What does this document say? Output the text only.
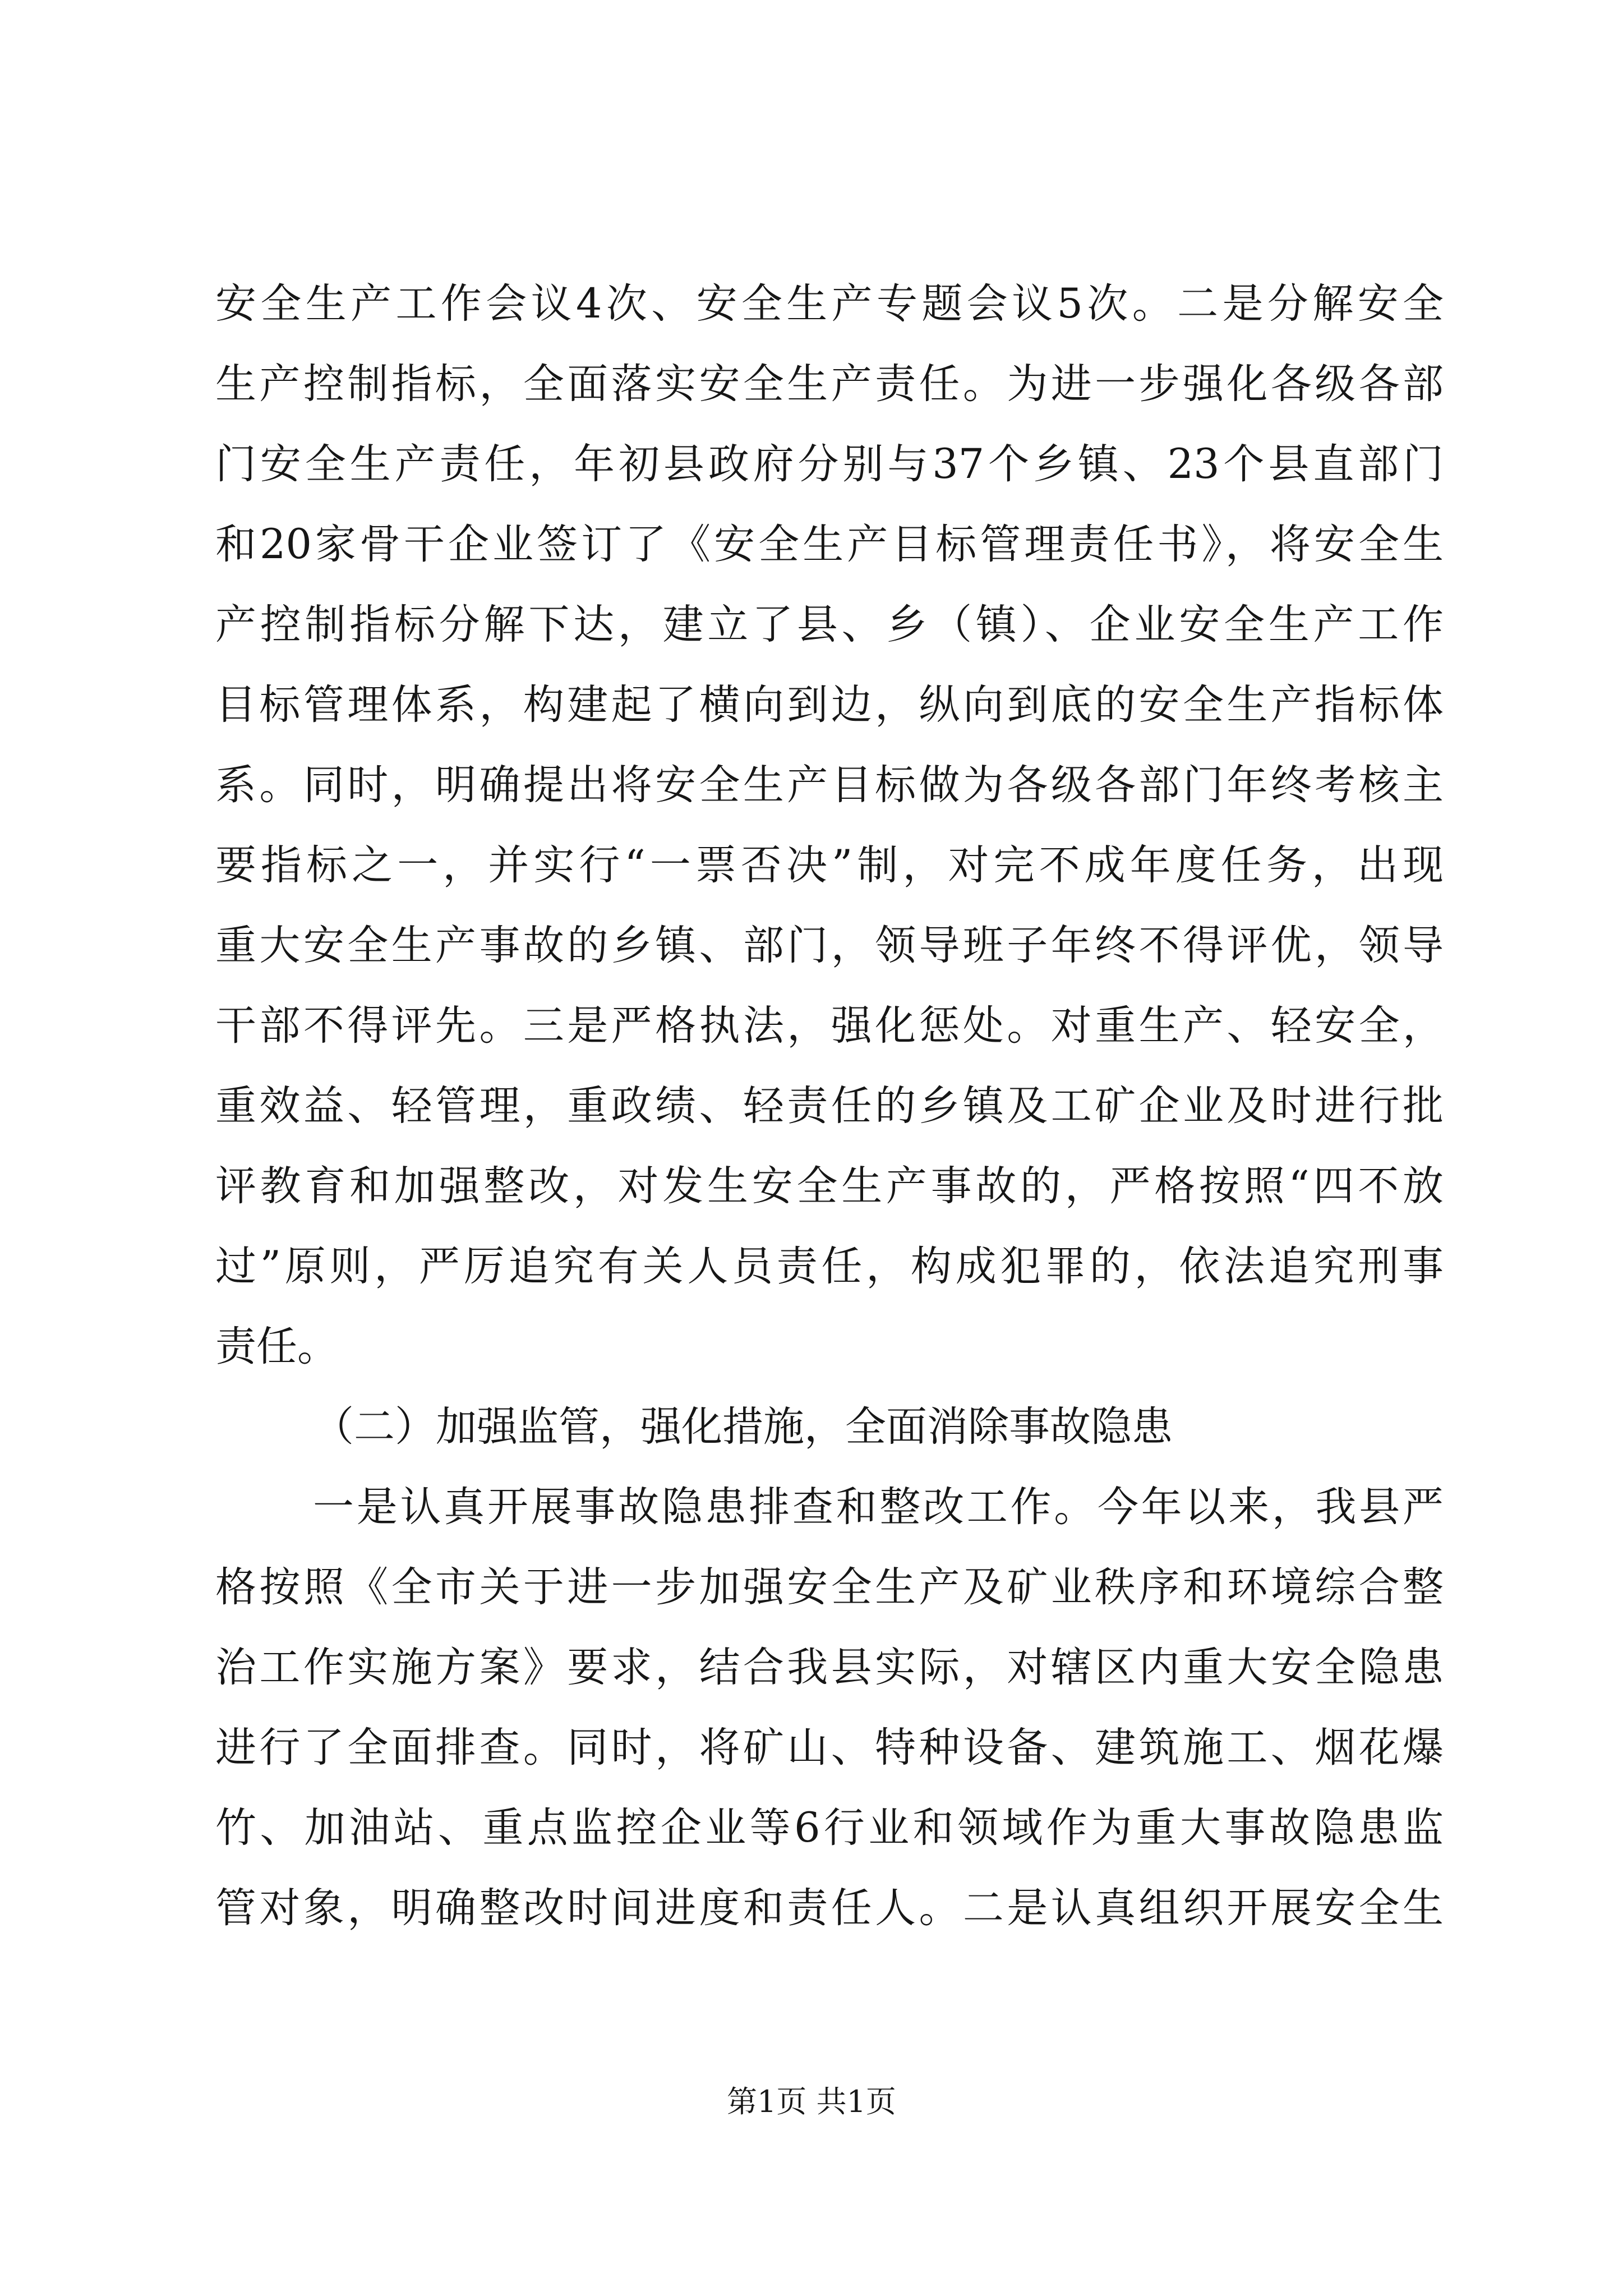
安全生产工作会议4次、安全生产专题会议5次。二是分解安全
生产控制指标，全面落实安全生产责任。为进一步强化各级各部
门安全生产责任，年初县政府分别与37个乡镇、23个县直部门
和20家骨干企业签订了《安全生产目标管理责任书》，将安全生
产控制指标分解下达，建立了县、乡（镇）、企业安全生产工作
目标管理体系，构建起了横向到边，纵向到底的安全生产指标体
系。同时，明确提出将安全生产目标做为各级各部门年终考核主
要指标之一，并实行“一票否决”制，对完不成年度任务，出现
重大安全生产事故的乡镇、部门，领导班子年终不得评优，领导
干部不得评先。三是严格执法，强化惩处。对重生产、轻安全，
重效益、轻管理，重政绩、轻责任的乡镇及工矿企业及时进行批
评教育和加强整改，对发生安全生产事故的，严格按照“四不放
过”原则，严厉追究有关人员责任，构成犯罪的，依法追究刑事
责任。
（二）加强监管，强化措施，全面消除事故隐患
一是认真开展事故隐患排查和整改工作。今年以来，我县严
格按照《全市关于进一步加强安全生产及矿业秩序和环境综合整
治工作实施方案》要求，结合我县实际，对辖区内重大安全隐患
进行了全面排查。同时，将矿山、特种设备、建筑施工、烟花爆
竹、加油站、重点监控企业等6行业和领域作为重大事故隐患监
管对象，明确整改时间进度和责任人。二是认真组织开展安全生
第1页 共1页
